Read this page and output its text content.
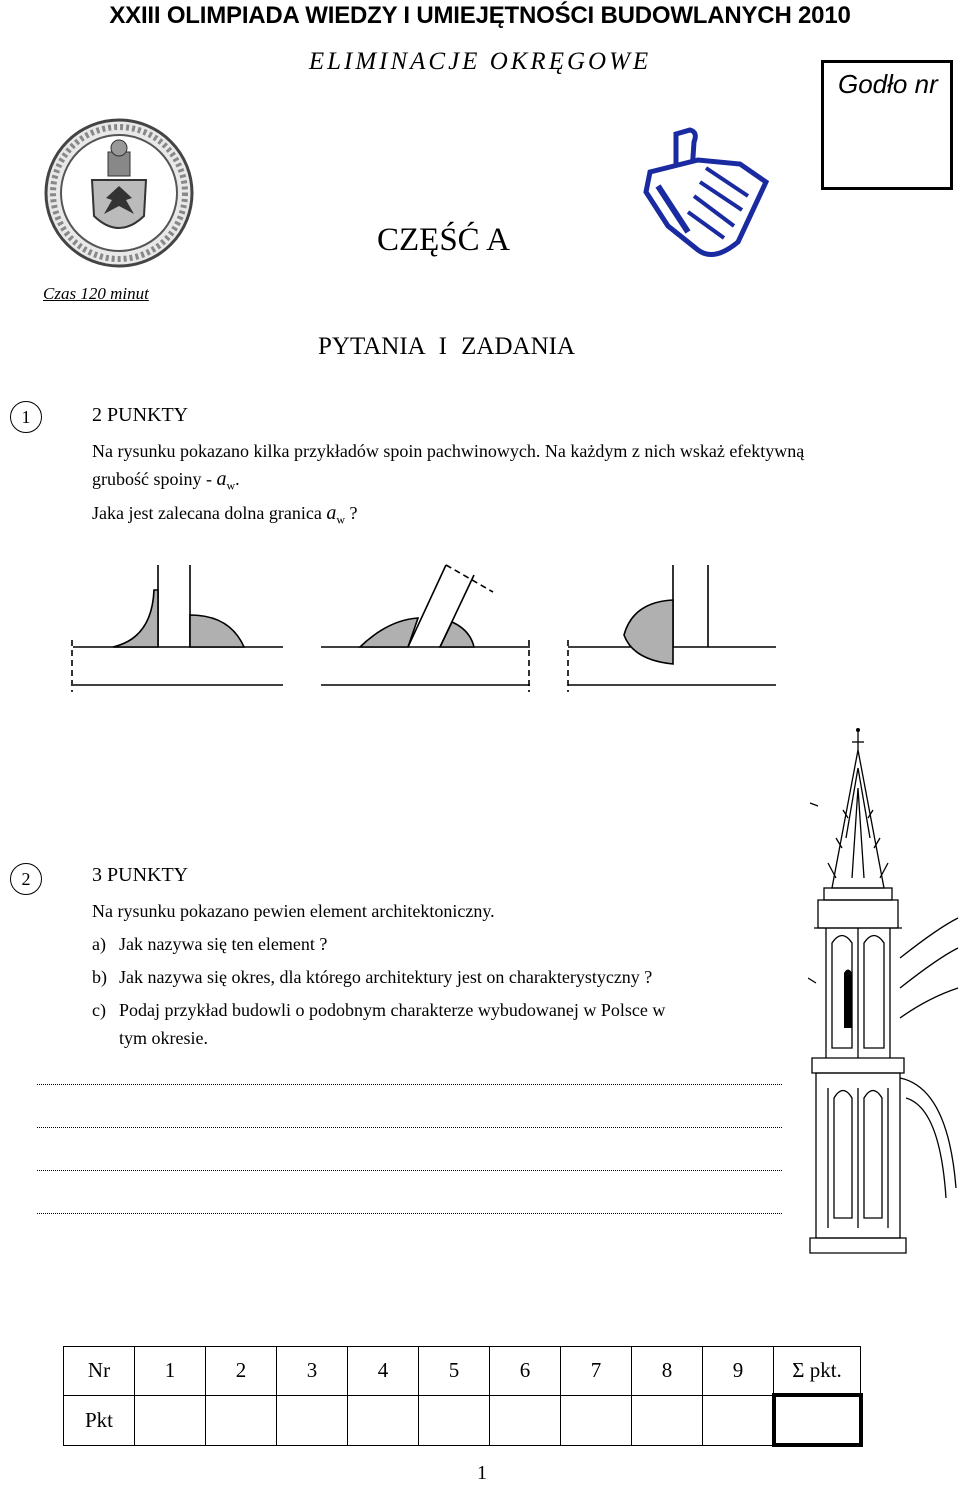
XXIII OLIMPIADA WIEDZY I UMIEJĘTNOŚCI BUDOWLANYCH 2010
ELIMINACJE OKRĘGOWE
Godło nr
CZĘŚĆ A
Czas 120 minut
PYTANIA I ZADANIA
1	2 PUNKTY
Na rysunku pokazano kilka przykładów spoin pachwinowych. Na każdym z nich wskaż efektywną
grubość spoiny - $a_w$.
Jaka jest zalecana dolna granica $a_w$ ?
2	3 PUNKTY
Na rysunku pokazano pewien element architektoniczny.
a) Jak nazywa się ten element ?
b) Jak nazywa się okres, dla którego architektury jest on charakterystyczny ?
c) Podaj przykład budowli o podobnym charakterze wybudowanej w Polsce w
tym okresie.
Nr	1	2	3	4	5	6	7	8	9	Σ pkt.
Pkt										
1
